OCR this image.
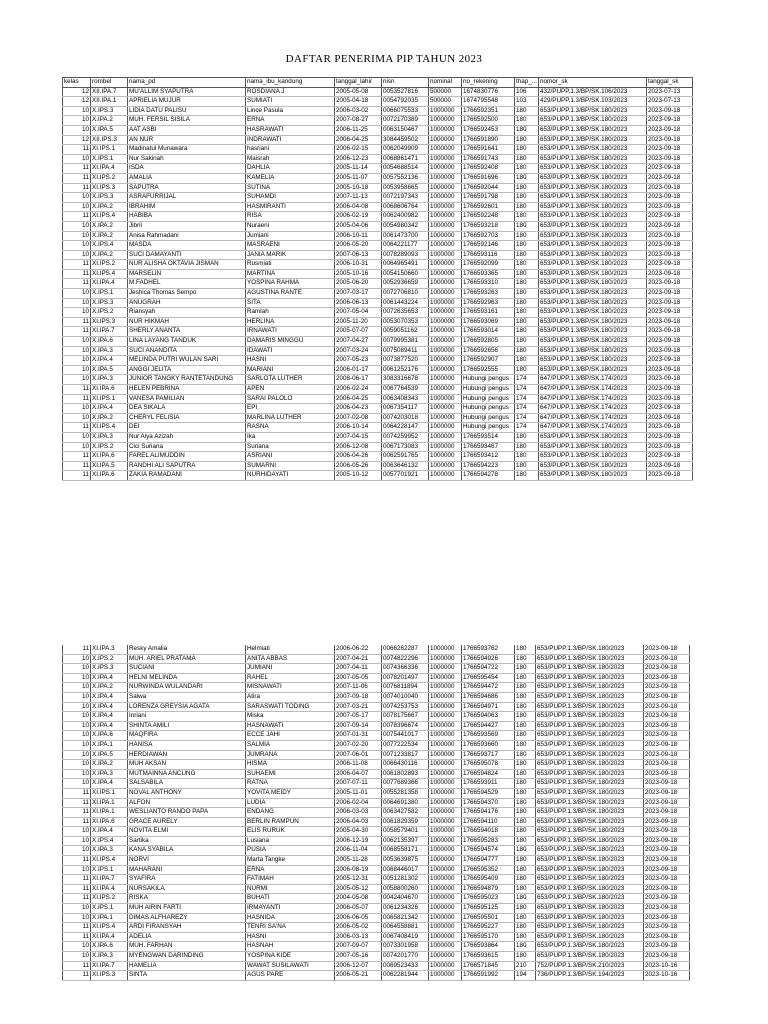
DAFTAR PENERIMA PIP TAHUN 2023
kelas	rombel	nama_pd	nama_ibu_kandung	tanggal_lahir	nisn	nominal	no_rekening	thap_...	nomor_sk	tanggal_sk
12	XII.IPA.7	MU'ALLIM SYAPUTRA	ROSDIANA J	2005-05-08	0053527816	500000	1674830776	106	432/PUPP.1.3/BP/SK.106/2023	2023-07-13
12	XII.IPA.1	APRIELIA MUJUR	SUMIATI	2005-04-18	0054792035	500000	1674795548	103	429/PUPP.1.3/BP/SK.103/2023	2023-07-13
10	X.IPS.3	LIDIA DATU PALISU	Lince Pasula	2006-03-02	0066075533	1000000	1766592351	180	653/PUPP.1.3/BP/SK.180/2023	2023-09-18
10	X.IPA.2	MUH. FERSIL SISILA	ERNA	2007-08-27	0072170389	1000000	1766592500	180	653/PUPP.1.3/BP/SK.180/2023	2023-09-18
10	X.IPA.5	AAT ASBI	HASRAWATI	2006-11-25	0063150467	1000000	1766592453	180	653/PUPP.1.3/BP/SK.180/2023	2023-09-18
12	XII.IPS.3	AN NUR	INDRAWATI	2006-04-25	3084459502	1000000	1766591890	180	653/PUPP.1.3/BP/SK.180/2023	2023-09-18
11	XI.IPS.1	Madinatul Munawara	hasriani	2006-02-15	0062049909	1000000	1766591641	180	653/PUPP.1.3/BP/SK.180/2023	2023-09-18
10	X.IPS.1	Nur Sakinah	Maisrah	2006-12-23	0068861471	1000000	1766591743	180	653/PUPP.1.3/BP/SK.180/2023	2023-09-18
11	XI.IPA.4	ISDA	DAHLIA	2005-11-14	0054688514	1000000	1766592408	180	653/PUPP.1.3/BP/SK.180/2023	2023-09-18
11	XI.IPS.2	AMALIA	KAMELIA	2005-11-07	0057552136	1000000	1766591696	180	653/PUPP.1.3/BP/SK.180/2023	2023-09-18
11	XI.IPS.3	SAPUTRA	SUTINA	2005-10-18	0053958665	1000000	1766592044	180	653/PUPP.1.3/BP/SK.180/2023	2023-09-18
10	X.IPS.3	ASRAFURRIJAL	SUHAMDI	2007-11-13	0072197343	1000000	1766591798	180	653/PUPP.1.3/BP/SK.180/2023	2023-09-18
10	X.IPA.2	IBRAHIM	HASMIRANTI	2006-04-08	0068606764	1000000	1766592601	180	653/PUPP.1.3/BP/SK.180/2023	2023-09-18
11	XI.IPS.4	HABIBA	RISA	2006-02-19	0062400982	1000000	1766592248	180	653/PUPP.1.3/BP/SK.180/2023	2023-09-18
10	X.IPA.2	Jibril	Nuraeni	2005-04-06	0054980342	1000000	1766593218	180	653/PUPP.1.3/BP/SK.180/2023	2023-09-18
10	X.IPA.2	Anisa Rahmadani	Jumiani	2006-10-11	0061473700	1000000	1766592703	180	653/PUPP.1.3/BP/SK.180/2023	2023-09-18
10	X.IPS.4	MASDA	MASRAENI	2006-05-20	0064221177	1000000	1766592146	180	653/PUPP.1.3/BP/SK.180/2023	2023-09-18
10	X.IPA.2	SUCI DAMAYANTI	JANIA MARIK	2007-06-13	0078289093	1000000	1766593116	180	653/PUPP.1.3/BP/SK.180/2023	2023-09-18
11	XI.IPS.2	NUR ALISHA OKTAVIA JISMAN	Rusmiati	2006-10-31	0064965491	1000000	1766592099	180	653/PUPP.1.3/BP/SK.180/2023	2023-09-18
11	XI.IPS.4	MARSELIN	MARTINA	2005-10-16	0054150660	1000000	1766593365	180	653/PUPP.1.3/BP/SK.180/2023	2023-09-18
11	XI.IPA.4	M.FADHEL	YOSPINA RAHMA	2005-06-20	0052936659	1000000	1766593310	180	653/PUPP.1.3/BP/SK.180/2023	2023-09-18
10	X.IPS.1	Jeshica Thomas Sempo	AGUSTINA RANTE	2007-03-17	0072706810	1000000	1766593263	180	653/PUPP.1.3/BP/SK.180/2023	2023-09-18
10	X.IPS.3	ANUGRAH	SITA	2006-06-13	0061443224	1000000	1766592963	180	653/PUPP.1.3/BP/SK.180/2023	2023-09-18
10	X.IPS.2	Riansyah	Ramlah	2007-05-04	0072635653	1000000	1766593161	180	653/PUPP.1.3/BP/SK.180/2023	2023-09-18
11	XI.IPS.3	NUR HIKMAH	HERLINA	2005-11-20	0053070353	1000000	1766593069	180	653/PUPP.1.3/BP/SK.180/2023	2023-09-18
11	XI.IPA.7	SHERLY ANANTA	IRNAWATI	2005-07-07	0059051162	1000000	1766593014	180	653/PUPP.1.3/BP/SK.180/2023	2023-09-18
10	X.IPA.6	LINA LAYANG TANDUK	DAMARIS MINGGU	2007-04-27	0079995381	1000000	1766592805	180	653/PUPP.1.3/BP/SK.180/2023	2023-09-18
10	X.IPA.3	SUCI ANANDITA	IDAWATI	2007-03-24	0075089411	1000000	1766592656	180	653/PUPP.1.3/BP/SK.180/2023	2023-09-18
10	X.IPA.4	MELINDA PUTRI WULAN SARI	HASNI	2007-05-23	0073877520	1000000	1766592907	180	653/PUPP.1.3/BP/SK.180/2023	2023-09-18
10	X.IPA.5	ANGGI JELITA	MARIANI	2006-01-17	0061252176	1000000	1766592555	180	653/PUPP.1.3/BP/SK.180/2023	2023-09-18
10	X.IPA.3	JUNIOR TANGKY RANTETANDUNG	SARLOTA LUTHER	2008-06-17	3083316678	1000000	Hubungi pengus	174	647/PUPP.1.3/BP/SK.174/2023	2023-09-18
11	XI.IPA.6	HELEN PEBRINA	APEN	2006-02-24	0067764539	1000000	Hubungi pengus	174	647/PUPP.1.3/BP/SK.174/2023	2023-09-18
11	XI.IPS.1	VANESA PAMILIAN	SARAI PALOLO	2006-04-25	0063408343	1000000	Hubungi pengus	174	647/PUPP.1.3/BP/SK.174/2023	2023-09-18
10	X.IPA.4	DEA SIKALA	EPI	2006-04-23	0067354117	1000000	Hubungi pengus	174	647/PUPP.1.3/BP/SK.174/2023	2023-09-18
10	X.IPA.2	CHERYL FELISIA	MARLINA LUTHER	2007-02-08	0074203018	1000000	Hubungi pengus	174	647/PUPP.1.3/BP/SK.174/2023	2023-09-18
11	XI.IPS.4	DEI	RASNA	2006-10-14	0064228147	1000000	Hubungi pengus	174	647/PUPP.1.3/BP/SK.174/2023	2023-09-18
10	X.IPA.3	Nur Alya Azizah	Ika	2007-04-15	0074259952	1000000	1766593514	180	653/PUPP.1.3/BP/SK.180/2023	2023-09-18
10	X.IPS.2	Cici Suriana	Suriana	2006-12-08	0067173083	1000000	1766593467	180	653/PUPP.1.3/BP/SK.180/2023	2023-09-18
11	XI.IPA.6	FAREL ALIMUDDIN	ASRIANI	2006-04-26	0062591765	1000000	1766593412	180	653/PUPP.1.3/BP/SK.180/2023	2023-09-18
11	XI.IPA.5	RANDHI ALI SAPUTRA	SUMARNI	2006-05-26	0063646132	1000000	1766594223	180	653/PUPP.1.3/BP/SK.180/2023	2023-09-18
11	XI.IPA.6	ZAKIA RAMADANI	NURHIDAYATI	2005-10-12	0057701921	1000000	1766594278	180	653/PUPP.1.3/BP/SK.180/2023	2023-09-18
11	XI.IPA.3	Resky Amalia	Helmiati	2006-06-22	0066262287	1000000	1766593762	180	653/PUPP.1.3/BP/SK.180/2023	2023-09-18
10	X.IPS.2	MUH. ARIEL PRATAMA	ANITA ABBAS	2007-04-21	0074822296	1000000	1766594926	180	653/PUPP.1.3/BP/SK.180/2023	2023-09-18
10	X.IPS.3	SUCIANI	JUMIANI	2007-04-11	0074366336	1000000	1766594722	180	653/PUPP.1.3/BP/SK.180/2023	2023-09-18
10	X.IPA.4	HELNI MELINDA	RAHEL	2007-05-05	0078201497	1000000	1766595454	180	653/PUPP.1.3/BP/SK.180/2023	2023-09-18
10	X.IPA.2	NURWINDA WULANDARI	MISNAWATI	2007-11-06	0076811894	1000000	1766594472	180	653/PUPP.1.3/BP/SK.180/2023	2023-09-18
10	X.IPA.4	Salwa	Atira	2007-09-18	0074010040	1000000	1766594686	180	653/PUPP.1.3/BP/SK.180/2023	2023-09-18
10	X.IPA.4	LORENZA GREYSIA AGATA	SARASWATI TODING	2007-03-21	0074253753	1000000	1766594971	180	653/PUPP.1.3/BP/SK.180/2023	2023-09-18
10	X.IPA.4	Inriani	Miska	2007-05-17	0078175667	1000000	1766594063	180	653/PUPP.1.3/BP/SK.180/2023	2023-09-18
10	X.IPA.4	SHINTA AMILI	HASNAWATI	2007-09-14	0078396674	1000000	1766594427	180	653/PUPP.1.3/BP/SK.180/2023	2023-09-18
10	X.IPA.6	MAQFIRA	ECCE JAHI	2007-01-31	0075441017	1000000	1766593569	180	653/PUPP.1.3/BP/SK.180/2023	2023-09-18
10	X.IPA.1	HANISA	SALMIA	2007-02-20	0077222534	1000000	1766593660	180	653/PUPP.1.3/BP/SK.180/2023	2023-09-18
10	X.IPA.5	HERDIAWAN	JUMRANA	2007-06-01	0071233817	1000000	1766593717	180	653/PUPP.1.3/BP/SK.180/2023	2023-09-18
10	X.IPA.2	MUH AKSAN	HISMA	2006-11-08	0066430116	1000000	1766595078	180	653/PUPP.1.3/BP/SK.180/2023	2023-09-18
10	X.IPA.3	MUTMAINNA ANCUNG	SUHAEMI	2006-04-07	0061802893	1000000	1766594824	180	653/PUPP.1.3/BP/SK.180/2023	2023-09-18
10	X.IPA.4	SALSABILA	RATNA	2007-07-11	0077689366	1000000	1766593911	180	653/PUPP.1.3/BP/SK.180/2023	2023-09-18
11	XI.IPS.1	NOVAL ANTHONY	YOVITA MEIDY	2005-11-01	0055281358	1000000	1766594529	180	653/PUPP.1.3/BP/SK.180/2023	2023-09-18
11	XI.IPA.1	ALFON	LUDIA	2006-02-04	0064691380	1000000	1766594370	180	653/PUPP.1.3/BP/SK.180/2023	2023-09-18
11	XI.IPA.1	WESLIANTO RANDO PAPA	ENDANG	2006-03-03	0063427582	1000000	1766594176	180	653/PUPP.1.3/BP/SK.180/2023	2023-09-18
11	XI.IPA.6	GRACE AURELY	BERLIN RAMPUN	2006-04-03	0061829359	1000000	1766594110	180	653/PUPP.1.3/BP/SK.180/2023	2023-09-18
10	X.IPA.4	NOVITA ELMI	ELIS RURUK	2005-04-30	0058579401	1000000	1766594018	180	653/PUPP.1.3/BP/SK.180/2023	2023-09-18
10	X.IPS.4	Sartika	Lusiana	2006-12-19	0062135397	1000000	1766595283	180	653/PUPP.1.3/BP/SK.180/2023	2023-09-18
10	X.IPA.3	KANA SYABILA	PUSIA	2006-11-04	0068558171	1000000	1766594574	180	653/PUPP.1.3/BP/SK.180/2023	2023-09-18
11	XI.IPS.4	NORVI	Marta Tangke	2005-11-28	0053639875	1000000	1766594777	180	653/PUPP.1.3/BP/SK.180/2023	2023-09-18
10	X.IPS.1	MAHARANI	ERNA	2006-08-19	0068446017	1000000	1766595352	180	653/PUPP.1.3/BP/SK.180/2023	2023-09-18
11	XI.IPA.7	SYAFIRA	FATIMAH	2005-12-31	0051281302	1000000	1766595409	180	653/PUPP.1.3/BP/SK.180/2023	2023-09-18
11	XI.IPA.4	NURSAKILA	NURMI	2005-05-12	0058800260	1000000	1766594879	180	653/PUPP.1.3/BP/SK.180/2023	2023-09-18
11	XI.IPS.2	RISKA	BUHATI	2004-05-08	0042404670	1000000	1766595023	180	653/PUPP.1.3/BP/SK.180/2023	2023-09-18
10	X.IPS.1	MUH AIRIN FARTI	IRMAYANTI	2006-05-07	0061234326	1000000	1766595125	180	653/PUPP.1.3/BP/SK.180/2023	2023-09-18
10	X.IPA.1	DIMAS ALFHAREZY	HASNIDA	2006-06-05	0065821342	1000000	1766595501	180	653/PUPP.1.3/BP/SK.180/2023	2023-09-18
11	XI.IPS.4	ARDI FIRANSYAH	TENRI SA'NA	2006-05-02	0064558881	1000000	1766595227	180	653/PUPP.1.3/BP/SK.180/2023	2023-09-18
11	XI.IPA.4	ADELIA	HASNI	2006-03-13	0067408419	1000000	1766595170	180	653/PUPP.1.3/BP/SK.180/2023	2023-09-18
10	X.IPA.6	MUH. FARHAN	HASNAH	2007-09-07	0073301958	1000000	1766593864	180	653/PUPP.1.3/BP/SK.180/2023	2023-09-18
10	X.IPA.3	MYENGWAN DARINDING	YOSPINA KIDE	2007-05-16	0074201770	1000000	1766593615	180	653/PUPP.1.3/BP/SK.180/2023	2023-09-18
11	XI.IPA.7	HAMELIA	WAWAT SUSILAWATI	2006-12-07	0069523433	1000000	1766571845	210	752/PUPP.1.3/BP/SK.210/2023	2023-10-16
11	XI.IPS.3	SINTA	AGUS PARE	2006-05-21	0062281944	1000000	1766591992	194	736/PUPP.1.3/BP/SK.194/2023	2023-10-16
